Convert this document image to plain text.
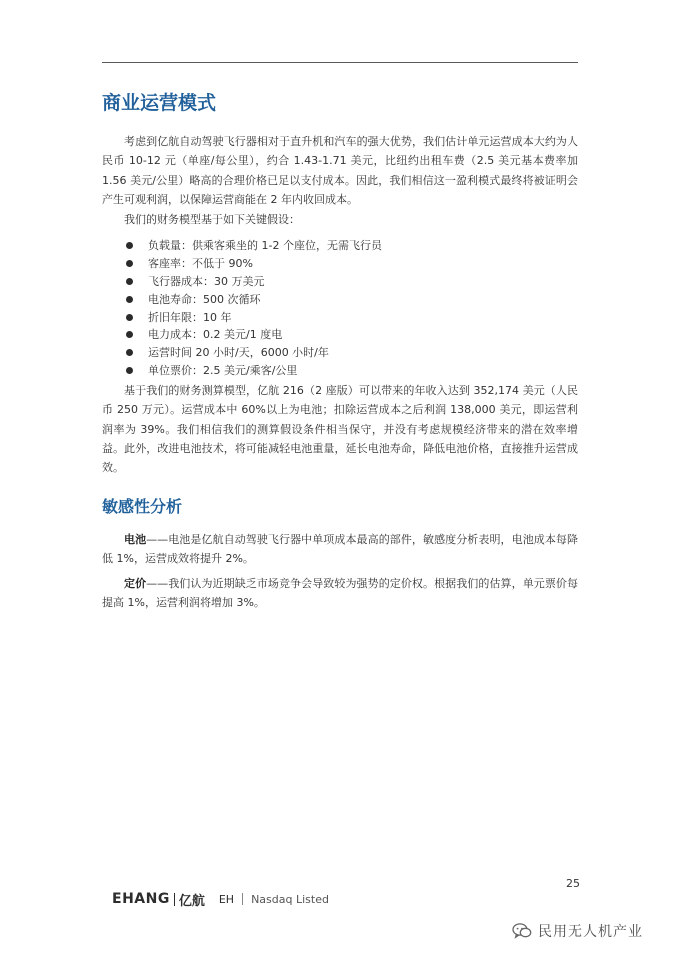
商业运营模式

考虑到亿航自动驾驶飞行器相对于直升机和汽车的强大优势，我们估计单元运营成本大约为人民币 10-12 元（单座/每公里），约合 1.43-1.71 美元，比纽约出租车费（2.5 美元基本费率加 1.56 美元/公里）略高的合理价格已足以支付成本。因此，我们相信这一盈利模式最终将被证明会产生可观利润，以保障运营商能在 2 年内收回成本。

我们的财务模型基于如下关键假设：

负载量：供乘客乘坐的 1-2 个座位，无需飞行员
客座率：不低于 90%
飞行器成本：30 万美元
电池寿命：500 次循环
折旧年限：10 年
电力成本：0.2 美元/1 度电
运营时间 20 小时/天，6000 小时/年
单位票价：2.5 美元/乘客/公里

基于我们的财务测算模型，亿航 216（2 座版）可以带来的年收入达到 352,174 美元（人民币 250 万元）。运营成本中 60%以上为电池；扣除运营成本之后利润 138,000 美元，即运营利润率为 39%。我们相信我们的测算假设条件相当保守，并没有考虑规模经济带来的潜在效率增益。此外，改进电池技术，将可能减轻电池重量，延长电池寿命，降低电池价格，直接推升运营成效。

敏感性分析

电池——电池是亿航自动驾驶飞行器中单项成本最高的部件，敏感度分析表明，电池成本每降低 1%，运营成效将提升 2%。

定价——我们认为近期缺乏市场竞争会导致较为强势的定价权。根据我们的估算，单元票价每提高 1%，运营利润将增加 3%。

25
EHANG 亿航 EH Nasdaq Listed
民用无人机产业
